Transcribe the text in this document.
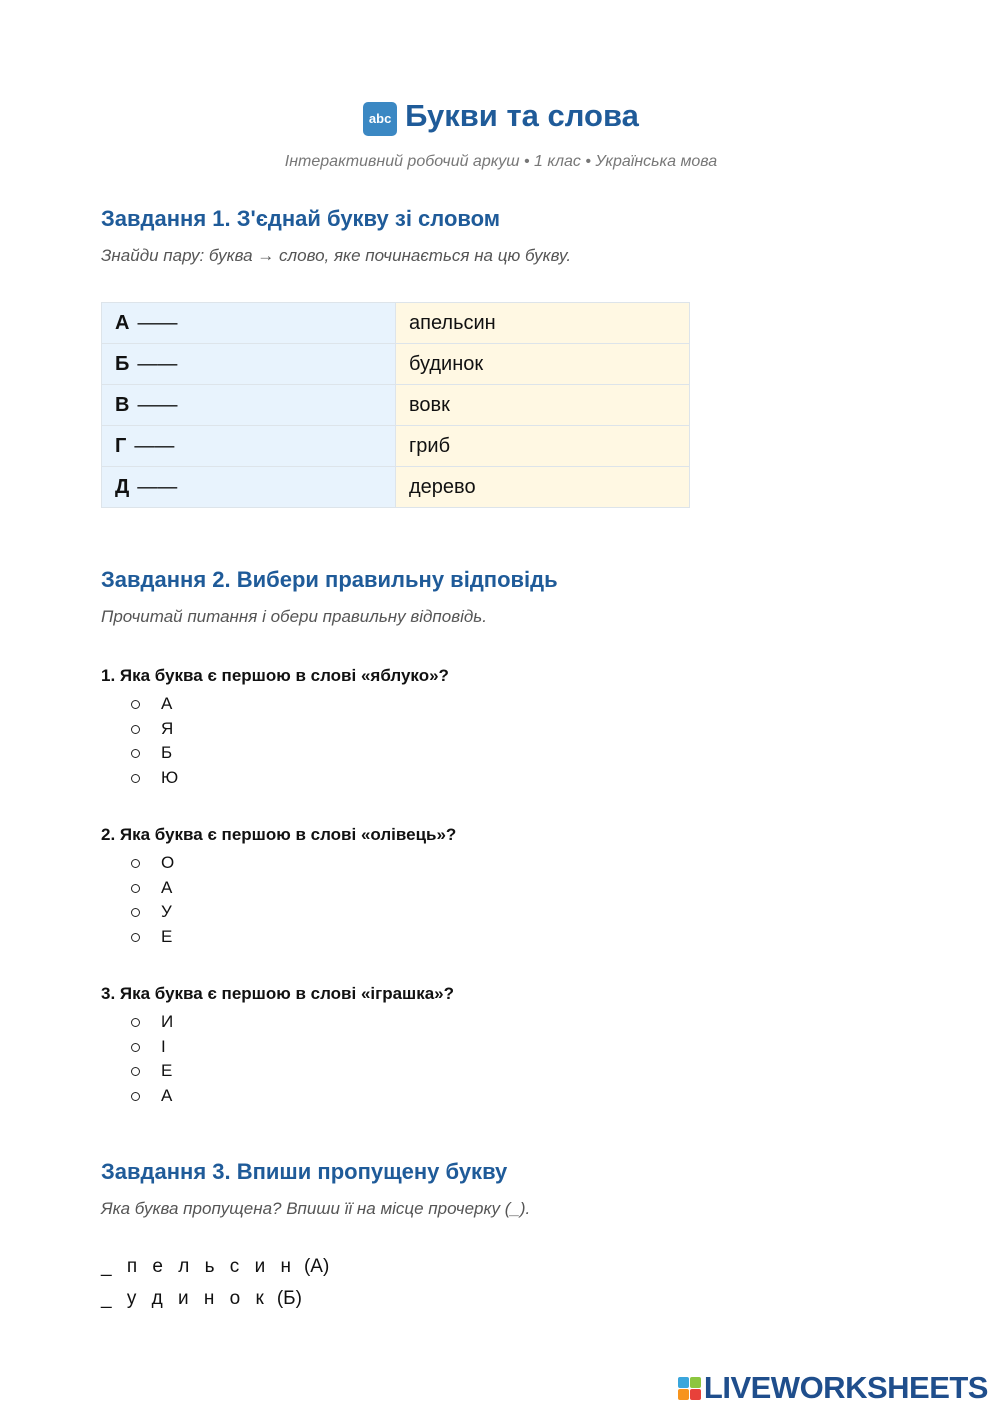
abc Букви та слова
Інтерактивний робочий аркуш • 1 клас • Українська мова
Завдання 1. З'єднай букву зі словом
Знайди пару: буква → слово, яке починається на цю букву.
А ——	апельсин
Б ——	будинок
В ——	вовк
Г ——	гриб
Д ——	дерево
Завдання 2. Вибери правильну відповідь
Прочитай питання і обери правильну відповідь.

1. Яка буква є першою в слові «яблуко»?

А
Я
Б
Ю

2. Яка буква є першою в слові «олівець»?

О
А
У
Е

3. Яка буква є першою в слові «іграшка»?

И
І
Е
А
Завдання 3. Впиши пропущену букву
Яка буква пропущена? Впиши її на місце прочерку (_).
_ п е л ь с и н (А)
_ у д и н о к (Б)
LIVEWORKSHEETS
